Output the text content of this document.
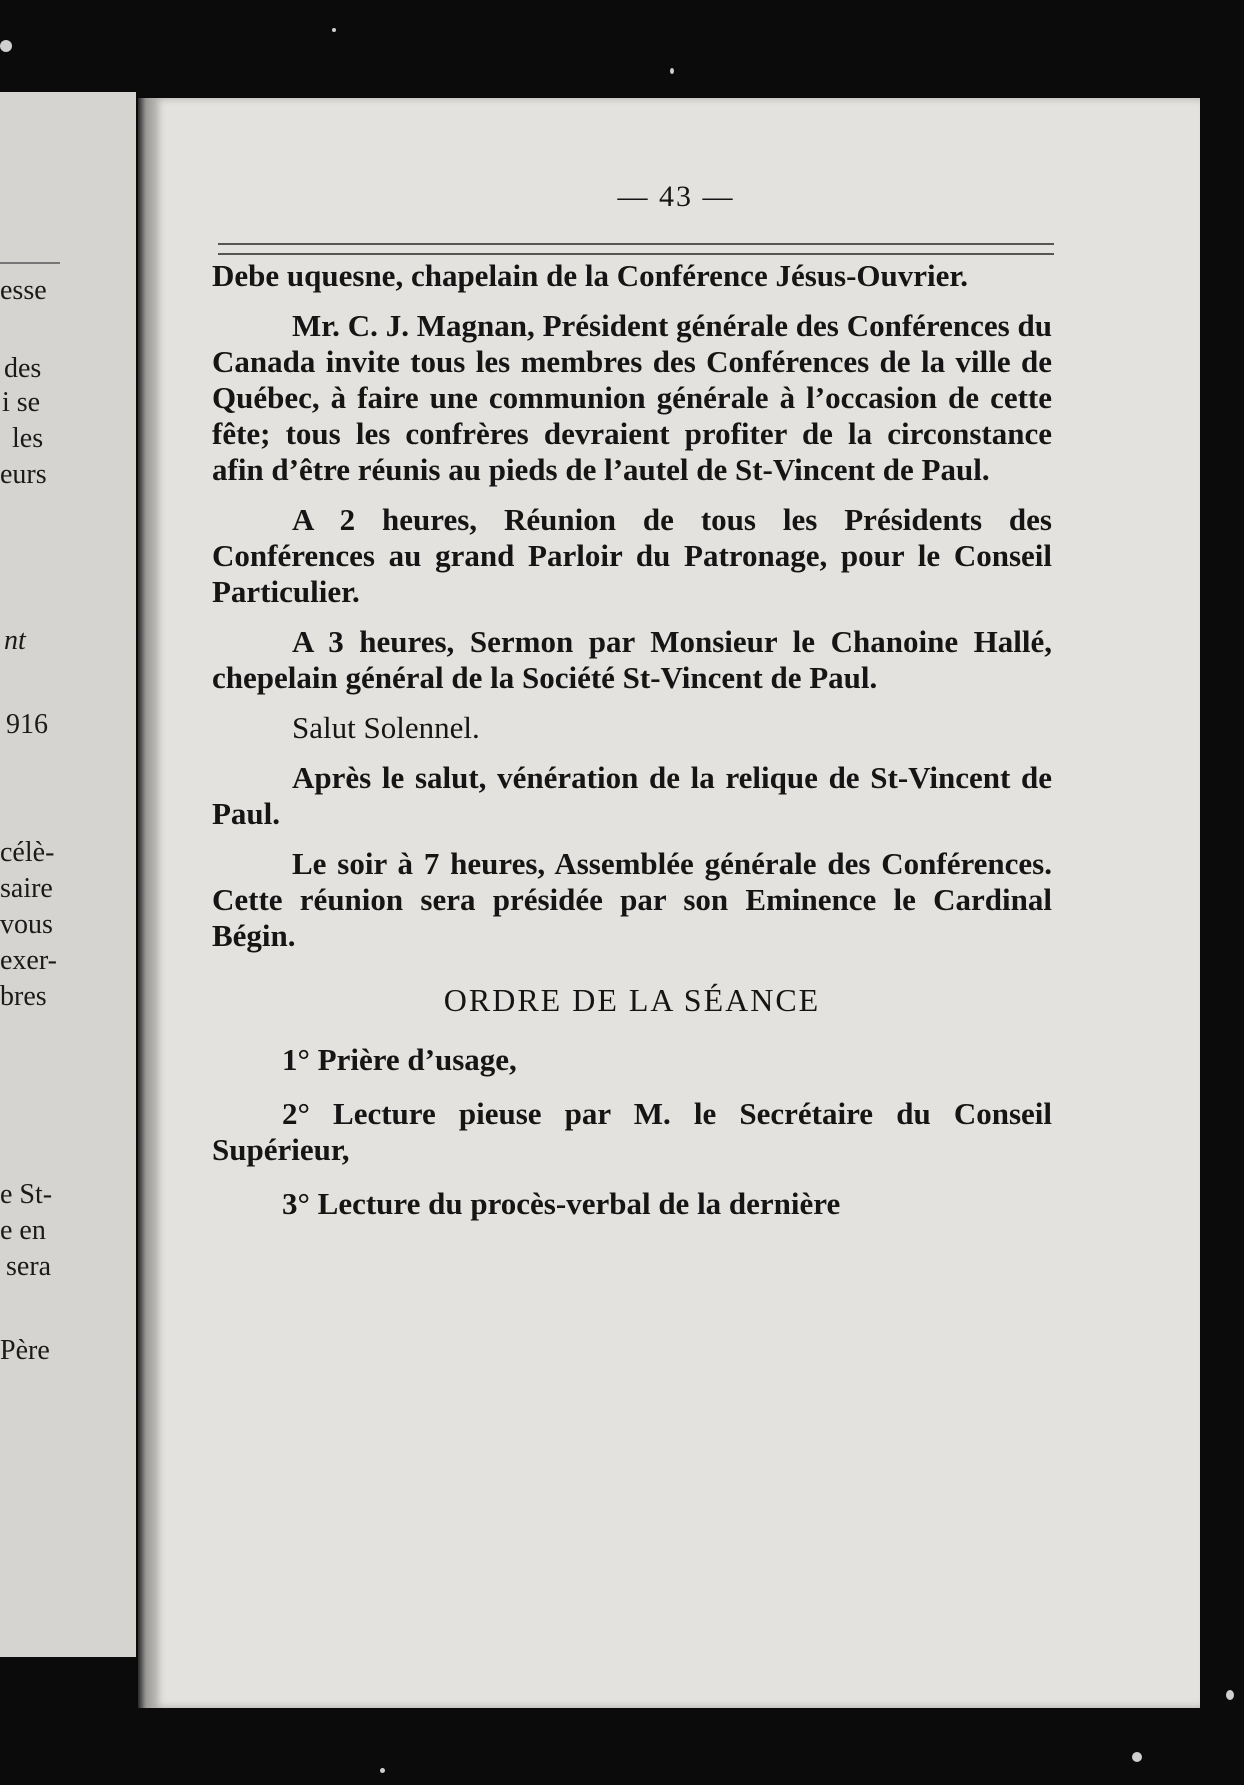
esse
des
i se
les
eurs
nt
916
célè-
saire
vous
exer-
bres
e St-
e en
sera
Père
— 43 —

Debe uquesne, chapelain de la Conférence Jésus-Ouvrier.

Mr. C. J. Magnan, Président générale des Conférences du Canada invite tous les membres des Conférences de la ville de Québec, à faire une communion générale à l’occasion de cette fête; tous les confrères devraient profiter de la circonstance afin d’être réunis au pieds de l’autel de St-Vincent de Paul.

A 2 heures, Réunion de tous les Présidents des Conférences au grand Parloir du Patronage, pour le Conseil Particulier.

A 3 heures, Sermon par Monsieur le Chanoine Hallé, chepelain général de la Société St-Vincent de Paul.

Salut Solennel.

Après le salut, vénération de la relique de St-Vincent de Paul.

Le soir à 7 heures, Assemblée générale des Conférences. Cette réunion sera présidée par son Eminence le Cardinal Bégin.

ORDRE DE LA SÉANCE

1° Prière d’usage,

2° Lecture pieuse par M. le Secrétaire du Conseil Supérieur,

3° Lecture du procès-verbal de la dernière
